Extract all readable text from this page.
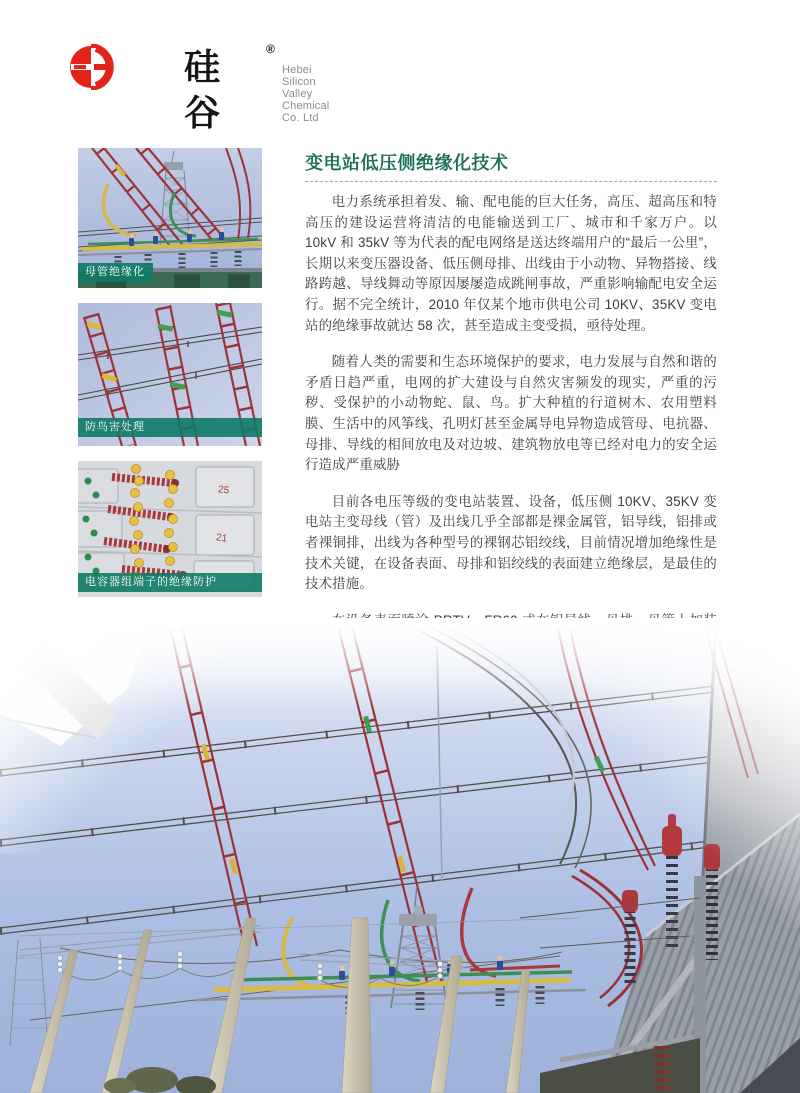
硅谷
®
Hebei Silicon Valley Chemical Co. Ltd
变电站低压侧绝缘化技术

电力系统承担着发、输、配电能的巨大任务，高压、超高压和特高压的建设运营将清洁的电能输送到工厂、城市和千家万户。以 10kV 和 35kV 等为代表的配电网络是送达终端用户的“最后一公里”，长期以来变压器设备、低压侧母排、出线由于小动物、异物搭接、线路跨越、导线舞动等原因屡屡造成跳闸事故，严重影响输配电安全运行。据不完全统计，2010 年仅某个地市供电公司 10KV、35KV 变电站的绝缘事故就达 58 次，甚至造成主变受损，亟待处理。

随着人类的需要和生态环境保护的要求，电力发展与自然和谐的矛盾日趋严重，电网的扩大建设与自然灾害频发的现实，严重的污秽、受保护的小动物蛇、鼠、鸟。扩大种植的行道树木、农用塑料膜、生活中的风筝线、孔明灯甚至金属导电异物造成管母、电抗器、母排、导线的相间放电及对边坡、建筑物放电等已经对电力的安全运行造成严重威胁

目前各电压等级的变电站装置、设备，低压侧 10KV、35KV 变电站主变母线（管）及出线几乎全部都是裸金属管，铝导线，铝排或者裸铜排，出线为各种型号的裸钢芯铝绞线，目前情况增加绝缘性是技术关键，在设备表面、母排和铝绞线的表面建立绝缘层，是最佳的技术措施。

母管绝缘化
防鸟害处理
25
21
电容器组端子的绝缘防护
